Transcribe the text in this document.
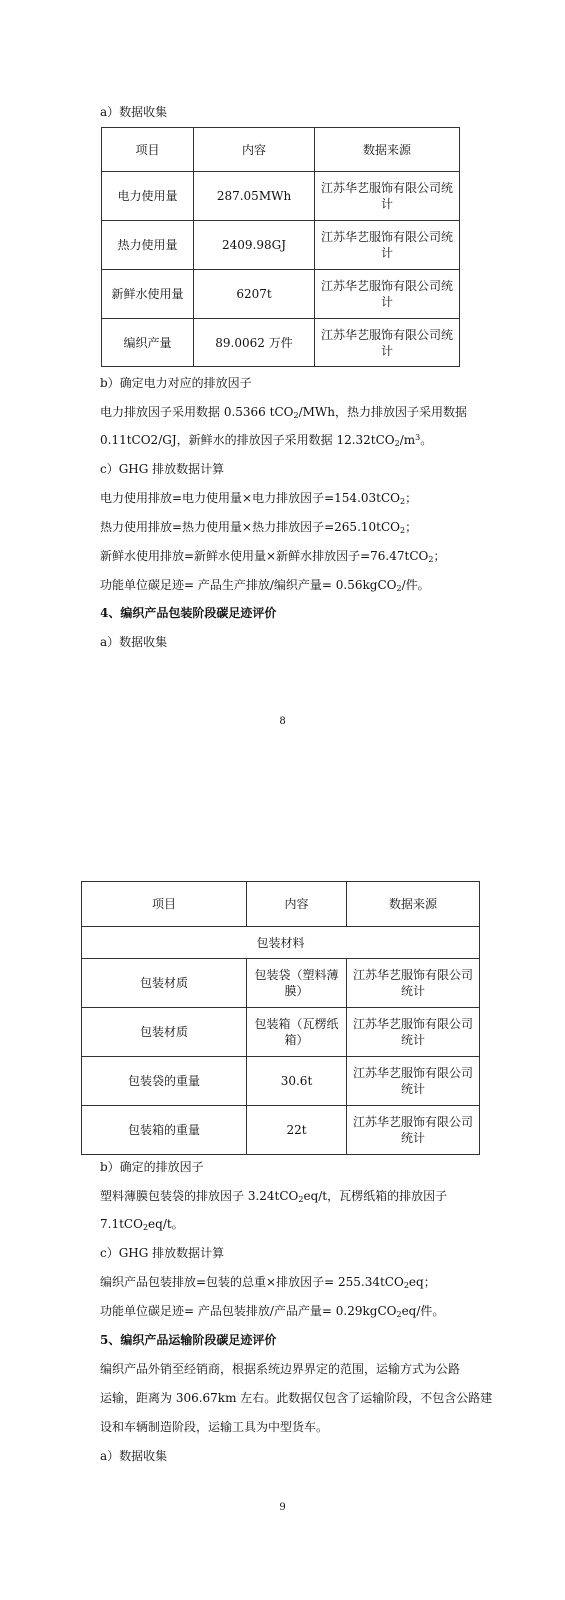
a）数据收集
项目	内容	数据来源
电力使用量	287.05MWh	江苏华艺服饰有限公司统计
热力使用量	2409.98GJ	江苏华艺服饰有限公司统计
新鲜水使用量	6207t	江苏华艺服饰有限公司统计
编织产量	89.0062 万件	江苏华艺服饰有限公司统计
b）确定电力对应的排放因子
电力排放因子采用数据 0.5366 tCO$_2$/MWh，热力排放因子采用数据
0.11tCO2/GJ，新鲜水的排放因子采用数据 $12.32tCO_2/m^3$。
c）GHG 排放数据计算
电力使用排放=电力使用量×电力排放因子=154.03tCO$_2$；
热力使用排放=热力使用量×热力排放因子=265.10tCO$_2$；
新鲜水使用排放=新鲜水使用量×新鲜水排放因子=76.47tCO$_2$；
功能单位碳足迹= 产品生产排放/编织产量= 0.56kgCO$_2$/件。
4、编织产品包装阶段碳足迹评价
a）数据收集
8
项目	内容	数据来源
包装材料		
包装材质	包装袋（塑料薄膜）	江苏华艺服饰有限公司统计
包装材质	包装箱（瓦楞纸箱）	江苏华艺服饰有限公司统计
包装袋的重量	30.6t	江苏华艺服饰有限公司统计
包装箱的重量	22t	江苏华艺服饰有限公司统计
b）确定的排放因子
塑料薄膜包装袋的排放因子 3.24tCO$_2$eq/t，瓦楞纸箱的排放因子
7.1tCO$_2$eq/t。
c）GHG 排放数据计算
编织产品包装排放=包装的总重×排放因子= 255.34tCO$_2$eq；
功能单位碳足迹= 产品包装排放/产品产量= 0.29kgCO$_2$eq/件。
5、编织产品运输阶段碳足迹评价
编织产品外销至经销商，根据系统边界界定的范围，运输方式为公路
运输，距离为 306.67km 左右。此数据仅包含了运输阶段，不包含公路建
设和车辆制造阶段，运输工具为中型货车。
a）数据收集
9
